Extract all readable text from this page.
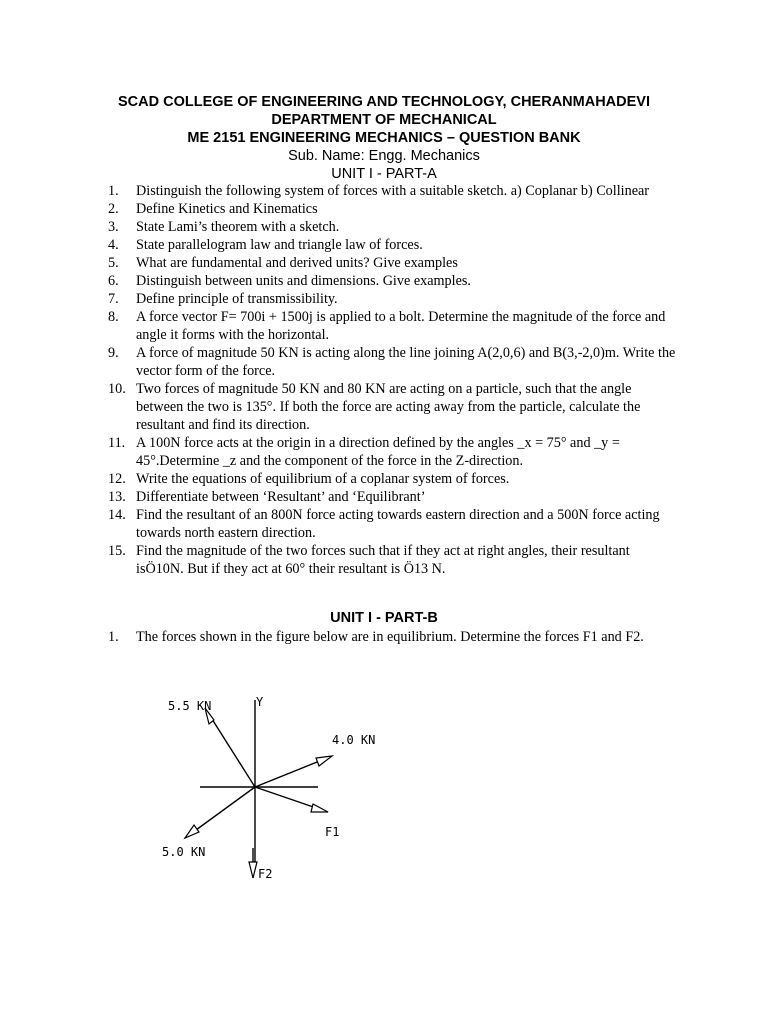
SCAD COLLEGE OF ENGINEERING AND TECHNOLOGY, CHERANMAHADEVI
DEPARTMENT OF MECHANICAL
ME 2151 ENGINEERING MECHANICS – QUESTION BANK
Sub. Name: Engg. Mechanics
UNIT I - PART-A
1.	Distinguish the following system of forces with a suitable sketch. a) Coplanar b) Collinear
2.	Define Kinetics and Kinematics
3.	State Lami’s theorem with a sketch.
4.	State parallelogram law and triangle law of forces.
5.	What are fundamental and derived units? Give examples
6.	Distinguish between units and dimensions. Give examples.
7.	Define principle of transmissibility.
8.	A force vector F= 700i + 1500j is applied to a bolt. Determine the magnitude of the force and angle it forms with the horizontal.
9.	A force of magnitude 50 KN is acting along the line joining A(2,0,6) and B(3,-2,0)m. Write the vector form of the force.
10. Two forces of magnitude 50 KN and 80 KN are acting on a particle, such that the angle between the two is 135°. If both the force are acting away from the particle, calculate the resultant and find its direction.
11. A 100N force acts at the origin in a direction defined by the angles _x = 75° and _y = 45°.Determine _z and the component of the force in the Z-direction.
12. Write the equations of equilibrium of a coplanar system of forces.
13. Differentiate between ‘Resultant’ and ‘Equilibrant’
14. Find the resultant of an 800N force acting towards eastern direction and a 500N force acting towards north eastern direction.
15. Find the magnitude of the two forces such that if they act at right angles, their resultant isÖ10N. But if they act at 60° their resultant is Ö13 N.
UNIT I - PART-B
1.	The forces shown in the figure below are in equilibrium. Determine the forces F1 and F2.
5.5 KN	Y
4.0 KN
F1
5.0 KN
F2
